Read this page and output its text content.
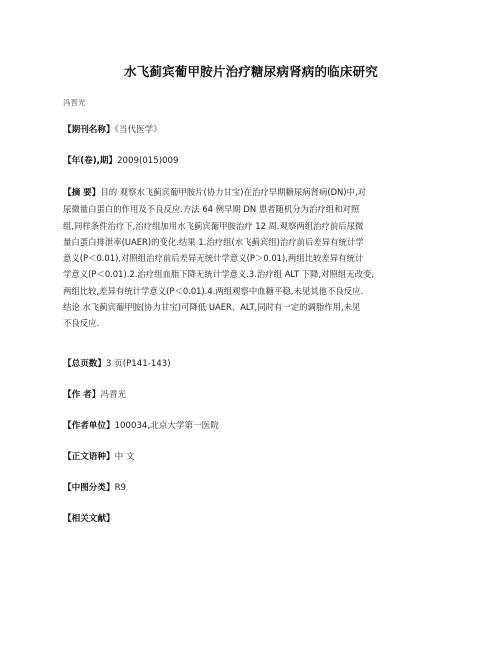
水飞蓟宾葡甲胺片治疗糖尿病肾病的临床研究
冯晋光
【期刊名称】《当代医学》
【年(卷),期】2009(015)009
【摘 要】目的 观察水飞蓟宾葡甲胺片(协力甘宝)在治疗早期糖尿病肾病(DN)中,对
尿微量白蛋白的作用及不良反应.方法 64 例早期 DN 患者随机分为治疗组和对照
组,同样条件治疗下,治疗组加用水飞蓟宾葡甲胺治疗 12 周.观察两组治疗前后尿微
量白蛋白排泄率(UAER)的变化.结果 1.治疗组(水飞蓟宾组)治疗前后差异有统计学
意义(P＜0.01),对照组治疗前后差异无统计学意义(P＞0.01),两组比较差异有统计
学意义(P＜0.01).2.治疗组血脂下降无统计学意义.3.治疗组 ALT 下降,对照组无改变,
两组比较,差异有统计学意义(P＜0.01).4.两组观察中血糖平稳,未见其他不良反应.
结论 水飞蓟宾葡甲胺(协力甘宝)可降低 UAER、ALT,同时有一定的调脂作用,未见
不良反应.
【总页数】3 页(P141-143)
【作 者】冯晋光
【作者单位】100034,北京大学第一医院
【正文语种】中 文
【中图分类】R9
【相关文献】
